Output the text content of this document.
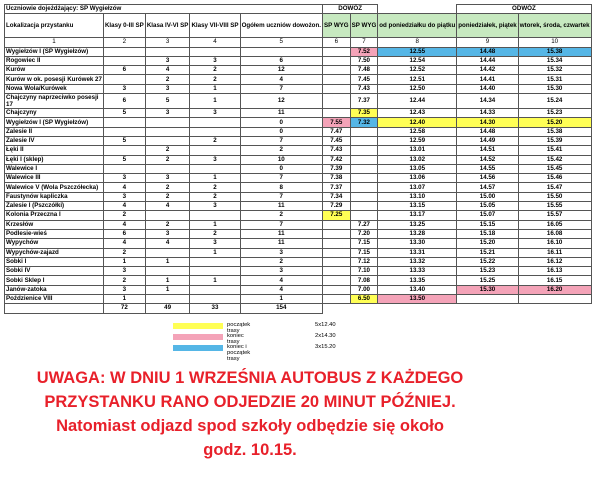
Uczniowie dojeżdżający: SP Wygiełzów					DOWÓZ			ODWÓZ	
Lokalizacja przystanku	Klasy 0-III SP	Klasa IV-VI SP	Klasy VII-VIII SP	Ogółem uczniów dowożon.	SP WYG	SP WYG	od poniedziałku do piątku	poniedziałek, piątek	wtorek, środa, czwartek
1	2	3	4	5	6	7	8	9	10
Wygiełzów I (SP Wygiełzów)						7.52	12.55	14.48	15.38
Rogowiec II		3	3	6		7.50	12.54	14.44	15.34
Kurów	6	4	2	12		7.48	12.52	14.42	15.32
Kurów w ok. posesji Kurówek 27		2	2	4		7.45	12.51	14.41	15.31
Nowa Wola/Kurówek	3	3	1	7		7.43	12.50	14.40	15.30
Chajczyny naprzeciwko posesji 17	6	5	1	12		7.37	12.44	14.34	15.24
Chajczyny	5	3	3	11		7.35	12.43	14.33	15.23
Wygiełzów I (SP Wygiełzów)				0	7.55	7.32	12.40	14.30	15.20
Zalesie II				0	7.47		12.58	14.48	15.38
Zalesie IV	5		2	7	7.45		12.59	14.49	15.39
Łęki II		2		2	7.43		13.01	14.51	15.41
Łęki I (sklep)	5	2	3	10	7.42		13.02	14.52	15.42
Walewice I				0	7.39		13.05	14.55	15.45
Walewice III	3	3	1	7	7.38		13.06	14.56	15.46
Walewice V (Wola Pszczółecka)	4	2	2	8	7.37		13.07	14.57	15.47
Faustynów kapliczka	3	2	2	7	7.34		13.10	15.00	15.50
Zalesie I (Pszczółki)	4	4	3	11	7.29		13.15	15.05	15.55
Kolonia Przeczna I	2			2	7.25		13.17	15.07	15.57
Krzesłów	4	2	1	7		7.27	13.25	15.15	16.05
Podlesie-wieś	6	3	2	11		7.20	13.28	15.18	16.08
Wypychów	4	4	3	11		7.15	13.30	15.20	16.10
Wypychów-zajazd	2		1	3		7.15	13.31	15.21	16.11
Sobki I	1	1		2		7.12	13.32	15.22	16.12
Sobki IV	3			3		7.10	13.33	15.23	16.13
Sobki Sklep I	2	1	1	4		7.08	13.35	15.25	16.15
Janów-zatoka	3	1		4		7.00	13.40	15.30	16.20
Poździenice VIII	1			1		6.50	13.50		
	72	49	33	154					
początek trasy
5x12.40
koniec trasy
2x14.30
koniec i początek trasy
3x15.20
UWAGA: W DNIU 1 WRZEŚNIA AUTOBUS Z KAŻDEGO
PRZYSTANKU RANO ODJEDZIE 20 MINUT PÓŹNIEJ.
Natomiast odjazd spod szkoły odbędzie się około
godz. 10.15.
